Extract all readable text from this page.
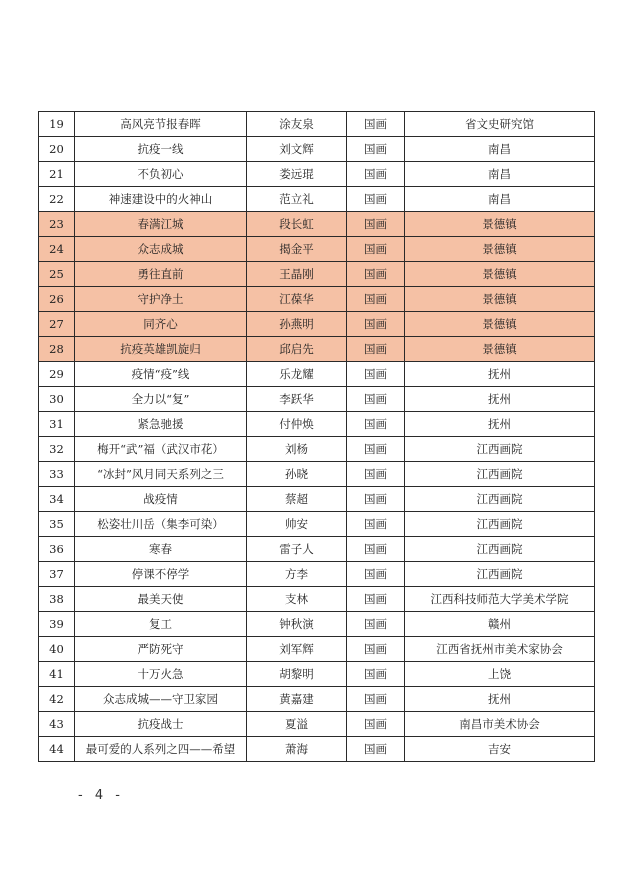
19	高风亮节报春晖	涂友泉	国画	省文史研究馆
20	抗疫一线	刘文辉	国画	南昌
21	不负初心	娄远琨	国画	南昌
22	神速建设中的火神山	范立礼	国画	南昌
23	春满江城	段长虹	国画	景德镇
24	众志成城	揭金平	国画	景德镇
25	勇往直前	王晶刚	国画	景德镇
26	守护净土	江葆华	国画	景德镇
27	同齐心	孙燕明	国画	景德镇
28	抗疫英雄凯旋归	邱启先	国画	景德镇
29	疫情“疫”线	乐龙耀	国画	抚州
30	全力以“复”	李跃华	国画	抚州
31	紧急驰援	付仲焕	国画	抚州
32	梅开“武”福（武汉市花）	刘杨	国画	江西画院
33	“冰封”风月同天系列之三	孙晓	国画	江西画院
34	战疫情	蔡超	国画	江西画院
35	松姿壮川岳（集李可染）	帅安	国画	江西画院
36	寒春	雷子人	国画	江西画院
37	停课不停学	方李	国画	江西画院
38	最美天使	支林	国画	江西科技师范大学美术学院
39	复工	钟秋演	国画	赣州
40	严防死守	刘军辉	国画	江西省抚州市美术家协会
41	十万火急	胡黎明	国画	上饶
42	众志成城——守卫家园	黄嘉建	国画	抚州
43	抗疫战士	夏溢	国画	南昌市美术协会
44	最可爱的人系列之四——希望	萧海	国画	吉安
- 4 -
